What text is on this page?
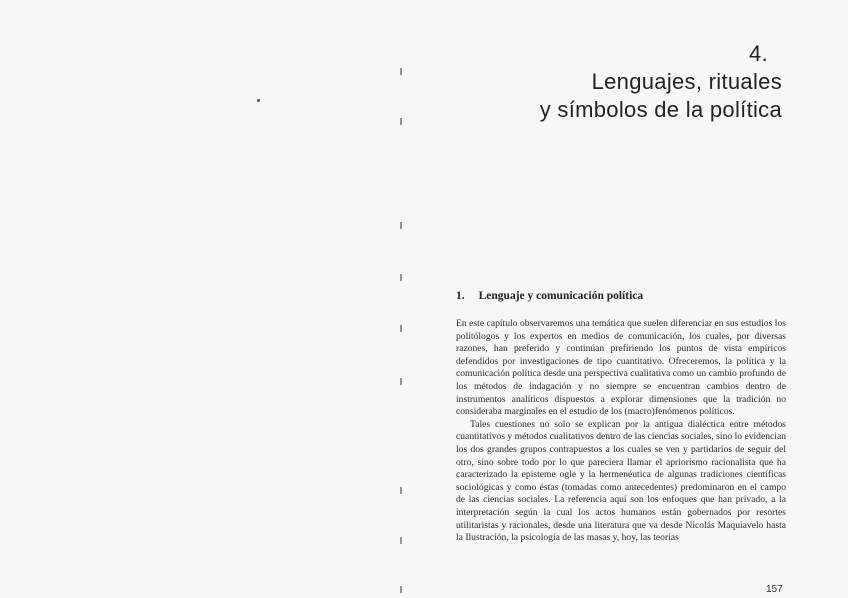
4.
Lenguajes, rituales
y símbolos de la política
1. Lenguaje y comunicación política

En este capítulo observaremos una temática que suelen diferenciar en sus estudios los politólogos y los expertos en medios de comunicación, los cuales, por diversas razones, han preferido y continúan prefiriendo los puntos de vista empíricos defendidos por investigaciones de tipo cuantitativo. Ofreceremos, la política y la comunicación política desde una perspectiva cualitativa como un cambio profundo de los métodos de indagación y no siempre se encuentran cambios dentro de instrumentos analíticos dispuestos a explorar dimensiones que la tradición no consideraba marginales en el estudio de los (macro)fenómenos políticos.

Tales cuestiones no solo se explican por la antigua dialéctica entre métodos cuantitativos y métodos cualitativos dentro de las ciencias sociales, sino lo evidencian los dos grandes grupos contrapuestos a los cuales se ven y partidarios de seguir del otro, sino sobre todo por lo que pareciera llamar el apriorismo racionalista que ha caracterizado la episteme ogle y la hermenéutica de algunas tradiciones científicas sociológicas y como éstas (tomadas como antecedentes) predominaron en el campo de las ciencias sociales. La referencia aquí son los enfoques que han privado, a la interpretación según la cual los actos humanos están gobernados por resortes utilitaristas y racionales, desde una literatura que va desde Nicolás Maquiavelo hasta la Ilustración, la psicología de las masas y, hoy, las teorías

157
